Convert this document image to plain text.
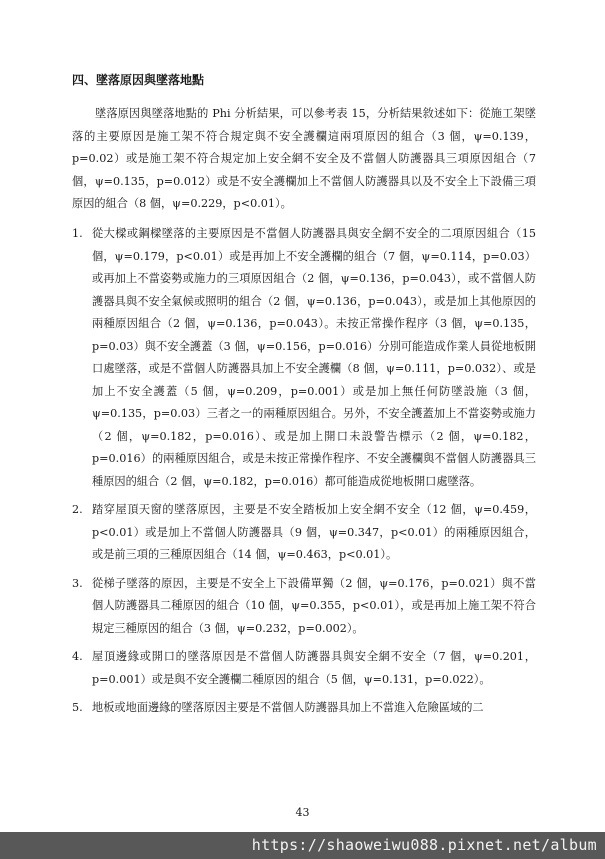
四、墜落原因與墜落地點

墜落原因與墜落地點的 Phi 分析結果，可以參考表 15，分析結果敘述如下：從施工架墜落的主要原因是施工架不符合規定與不安全護欄這兩項原因的組合（3 個，ψ=0.139，p=0.02）或是施工架不符合規定加上安全網不安全及不當個人防護器具三項原因組合（7 個，ψ=0.135，p=0.012）或是不安全護欄加上不當個人防護器具以及不安全上下設備三項原因的組合（8 個，ψ=0.229，p<0.01）。

1. 從大樑或鋼樑墜落的主要原因是不當個人防護器具與安全網不安全的二項原因組合（15 個，ψ=0.179，p<0.01）或是再加上不安全護欄的組合（7 個，ψ=0.114，p=0.03）或再加上不當姿勢或施力的三項原因組合（2 個，ψ=0.136，p=0.043），或不當個人防護器具與不安全氣候或照明的組合（2 個，ψ=0.136，p=0.043），或是加上其他原因的兩種原因組合（2 個，ψ=0.136，p=0.043）。未按正常操作程序（3 個，ψ=0.135，p=0.03）與不安全護蓋（3 個，ψ=0.156，p=0.016）分別可能造成作業人員從地板開口處墜落，或是不當個人防護器具加上不安全護欄（8 個，ψ=0.111，p=0.032）、或是加上不安全護蓋（5 個，ψ=0.209，p=0.001）或是加上無任何防墜設施（3 個，ψ=0.135，p=0.03）三者之一的兩種原因組合。另外，不安全護蓋加上不當姿勢或施力（2 個，ψ=0.182，p=0.016）、或是加上開口未設警告標示（2 個，ψ=0.182，p=0.016）的兩種原因組合，或是未按正常操作程序、不安全護欄與不當個人防護器具三種原因的組合（2 個，ψ=0.182，p=0.016）都可能造成從地板開口處墜落。
2. 踏穿屋頂天窗的墜落原因，主要是不安全踏板加上安全網不安全（12 個，ψ=0.459，p<0.01）或是加上不當個人防護器具（9 個，ψ=0.347，p<0.01）的兩種原因組合，或是前三項的三種原因組合（14 個，ψ=0.463，p<0.01）。
3. 從梯子墜落的原因，主要是不安全上下設備單獨（2 個，ψ=0.176，p=0.021）與不當個人防護器具二種原因的組合（10 個，ψ=0.355，p<0.01），或是再加上施工架不符合規定三種原因的組合（3 個，ψ=0.232，p=0.002）。
4. 屋頂邊緣或開口的墜落原因是不當個人防護器具與安全網不安全（7 個，ψ=0.201，p=0.001）或是與不安全護欄二種原因的組合（5 個，ψ=0.131，p=0.022）。
5. 地板或地面邊緣的墜落原因主要是不當個人防護器具加上不當進入危險區域的二
43
https://shaoweiwu088.pixnet.net/album
